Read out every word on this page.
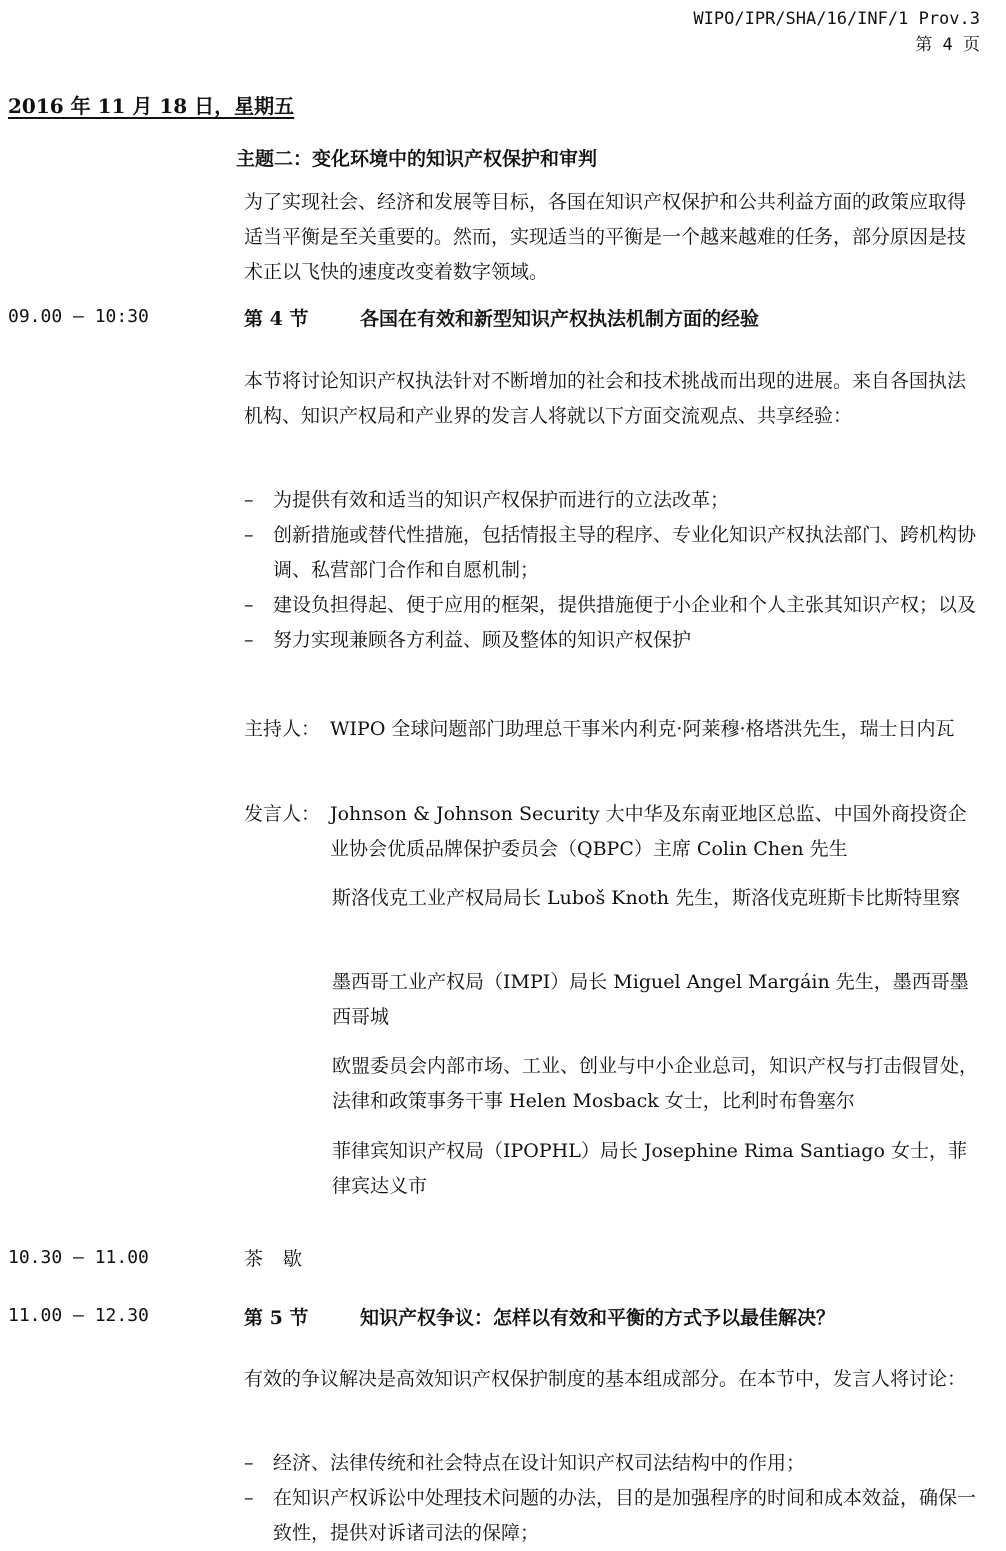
WIPO/IPR/SHA/16/INF/1 Prov.3
第 4 页
2016 年 11 月 18 日，星期五
主题二：变化环境中的知识产权保护和审判
为了实现社会、经济和发展等目标，各国在知识产权保护和公共利益方面的政策应取得适当平衡是至关重要的。然而，实现适当的平衡是一个越来越难的任务，部分原因是技术正以飞快的速度改变着数字领域。
09.00 – 10:30	第 4 节	各国在有效和新型知识产权执法机制方面的经验
本节将讨论知识产权执法针对不断增加的社会和技术挑战而出现的进展。来自各国执法机构、知识产权局和产业界的发言人将就以下方面交流观点、共享经验：
– 为提供有效和适当的知识产权保护而进行的立法改革；
– 创新措施或替代性措施，包括情报主导的程序、专业化知识产权执法部门、跨机构协调、私营部门合作和自愿机制；
– 建设负担得起、便于应用的框架，提供措施便于小企业和个人主张其知识产权；以及
– 努力实现兼顾各方利益、顾及整体的知识产权保护
主持人： WIPO 全球问题部门助理总干事米内利克·阿莱穆·格塔洪先生，瑞士日内瓦
发言人： Johnson & Johnson Security 大中华及东南亚地区总监、中国外商投资企业协会优质品牌保护委员会（QBPC）主席 Colin Chen 先生
斯洛伐克工业产权局局长 Luboš Knoth 先生，斯洛伐克班斯卡比斯特里察
墨西哥工业产权局（IMPI）局长 Miguel Angel Margáin 先生，墨西哥墨西哥城
欧盟委员会内部市场、工业、创业与中小企业总司，知识产权与打击假冒处，法律和政策事务干事 Helen Mosback 女士，比利时布鲁塞尔
菲律宾知识产权局（IPOPHL）局长 Josephine Rima Santiago 女士，菲律宾达义市
10.30 – 11.00	茶歇
11.00 – 12.30	第 5 节	知识产权争议：怎样以有效和平衡的方式予以最佳解决？
有效的争议解决是高效知识产权保护制度的基本组成部分。在本节中，发言人将讨论：
– 经济、法律传统和社会特点在设计知识产权司法结构中的作用；
– 在知识产权诉讼中处理技术问题的办法，目的是加强程序的时间和成本效益，确保一致性，提供对诉诸司法的保障；
